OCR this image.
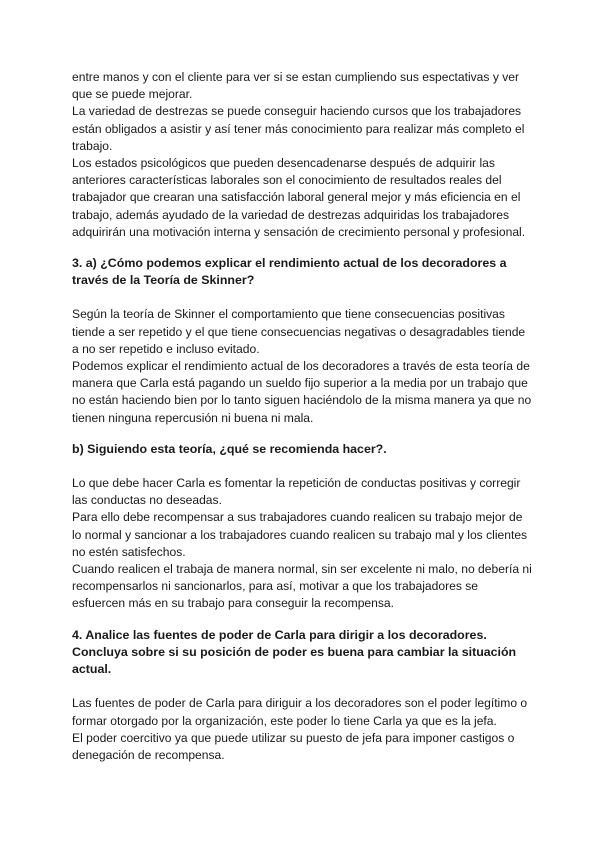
entre manos y con el cliente para ver si se estan cumpliendo sus espectativas y ver que se puede mejorar.

La variedad de destrezas se puede conseguir haciendo cursos que los trabajadores están obligados a asistir y así tener más conocimiento para realizar más completo el trabajo.

Los estados psicológicos que pueden desencadenarse después de adquirir las anteriores características laborales son el conocimiento de resultados reales del trabajador que crearan una satisfacción laboral general mejor y más eficiencia en el trabajo, además ayudado de la variedad de destrezas adquiridas los trabajadores adquirirán una motivación interna y sensación de crecimiento personal y profesional.

3. a) ¿Cómo podemos explicar el rendimiento actual de los decoradores a través de la Teoría de Skinner?

Según la teoría de Skinner el comportamiento que tiene consecuencias positivas tiende a ser repetido y el que tiene consecuencias negativas o desagradables tiende a no ser repetido e incluso evitado.

Podemos explicar el rendimiento actual de los decoradores a través de esta teoría de manera que Carla está pagando un sueldo fijo superior a la media por un trabajo que no están haciendo bien por lo tanto siguen haciéndolo de la misma manera ya que no tienen ninguna repercusión ni buena ni mala.

b) Siguiendo esta teoría, ¿qué se recomienda hacer?.

Lo que debe hacer Carla es fomentar la repetición de conductas positivas y corregir las conductas no deseadas.

Para ello debe recompensar a sus trabajadores cuando realicen su trabajo mejor de lo normal y sancionar a los trabajadores cuando realicen su trabajo mal y los clientes no estén satisfechos.

Cuando realicen el trabaja de manera normal, sin ser excelente ni malo, no debería ni recompensarlos ni sancionarlos, para así, motivar a que los trabajadores se esfuercen más en su trabajo para conseguir la recompensa.

4. Analice las fuentes de poder de Carla para dirigir a los decoradores. Concluya sobre si su posición de poder es buena para cambiar la situación actual.

Las fuentes de poder de Carla para diriguir a los decoradores son el poder legítimo o formar otorgado por la organización, este poder lo tiene Carla ya que es la jefa.

El poder coercitivo ya que puede utilizar su puesto de jefa para imponer castigos o denegación de recompensa.
